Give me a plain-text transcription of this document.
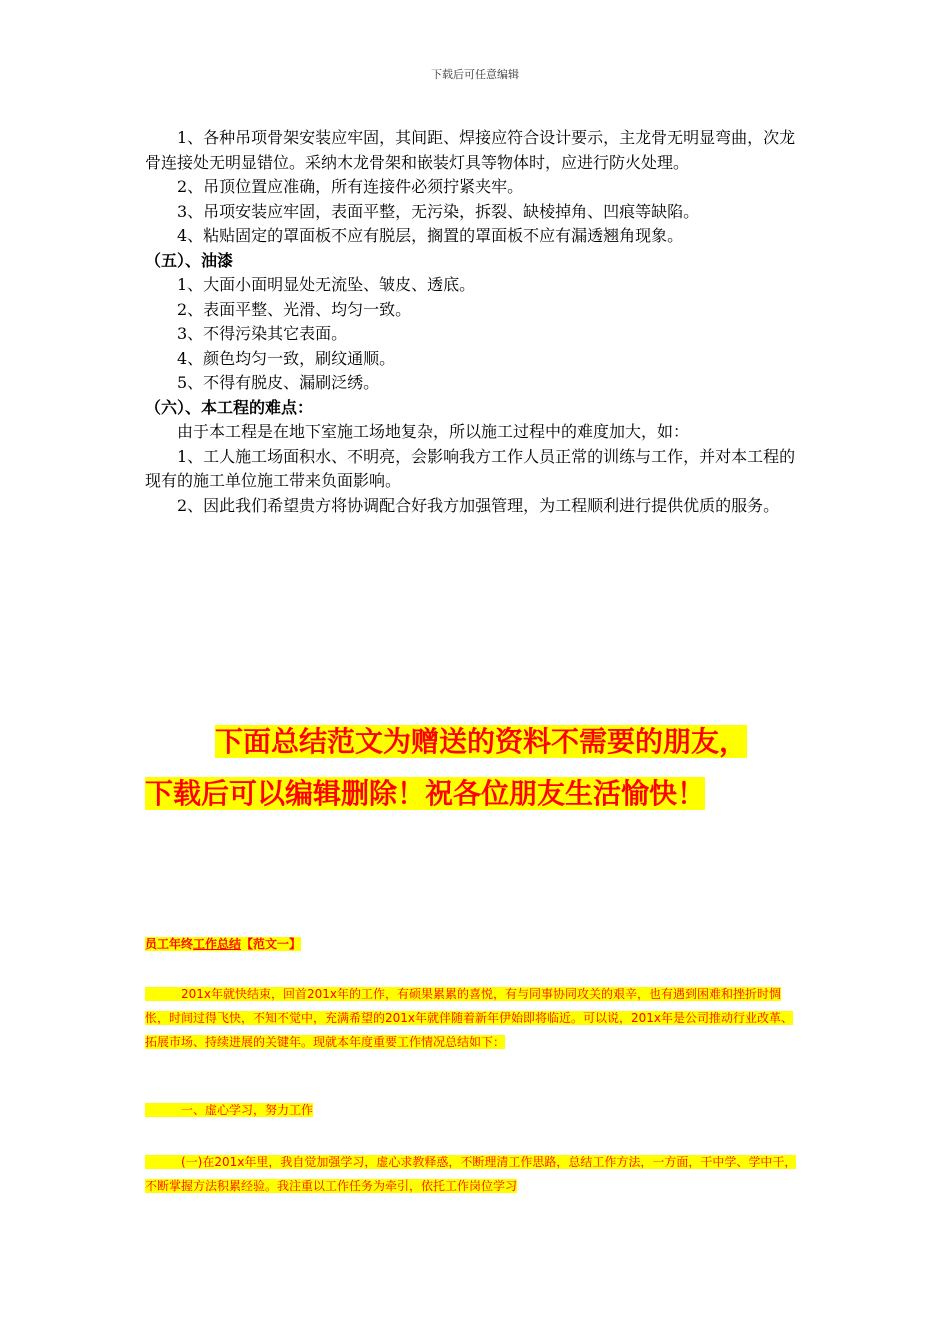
下载后可任意编辑

1、各种吊项骨架安装应牢固，其间距、焊接应符合设计要示，主龙骨无明显弯曲，次龙骨连接处无明显错位。采纳木龙骨架和嵌装灯具等物体时，应进行防火处理。

2、吊顶位置应准确，所有连接件必须拧紧夹牢。

3、吊项安装应牢固，表面平整，无污染，拆裂、缺棱掉角、凹痕等缺陷。

4、粘贴固定的罩面板不应有脱层，搁置的罩面板不应有漏透翘角现象。

（五）、油漆

1、大面小面明显处无流坠、皱皮、透底。

2、表面平整、光滑、均匀一致。

3、不得污染其它表面。

4、颜色均匀一致，刷纹通顺。

5、不得有脱皮、漏刷泛绣。

（六）、本工程的难点：

由于本工程是在地下室施工场地复杂，所以施工过程中的难度加大，如：

1、工人施工场面积水、不明亮，会影响我方工作人员正常的训练与工作，并对本工程的现有的施工单位施工带来负面影响。

2、因此我们希望贵方将协调配合好我方加强管理，为工程顺利进行提供优质的服务。

下面总结范文为赠送的资料不需要的朋友，
下载后可以编辑删除！祝各位朋友生活愉快！
员工年终工作总结【范文一】

　　　201x年就快结束，回首201x年的工作，有硕果累累的喜悦，有与同事协同攻关的艰辛，也有遇到困难和挫折时惆怅，时间过得飞快，不知不觉中，充满希望的201x年就伴随着新年伊始即将临近。可以说，201x年是公司推动行业改革、拓展市场、持续进展的关键年。现就本年度重要工作情况总结如下：

　　　一、虚心学习，努力工作

　　　(一)在201x年里，我自觉加强学习，虚心求教释惑，不断理清工作思路，总结工作方法，一方面，干中学、学中干，不断掌握方法积累经验。我注重以工作任务为牵引，依托工作岗位学习
